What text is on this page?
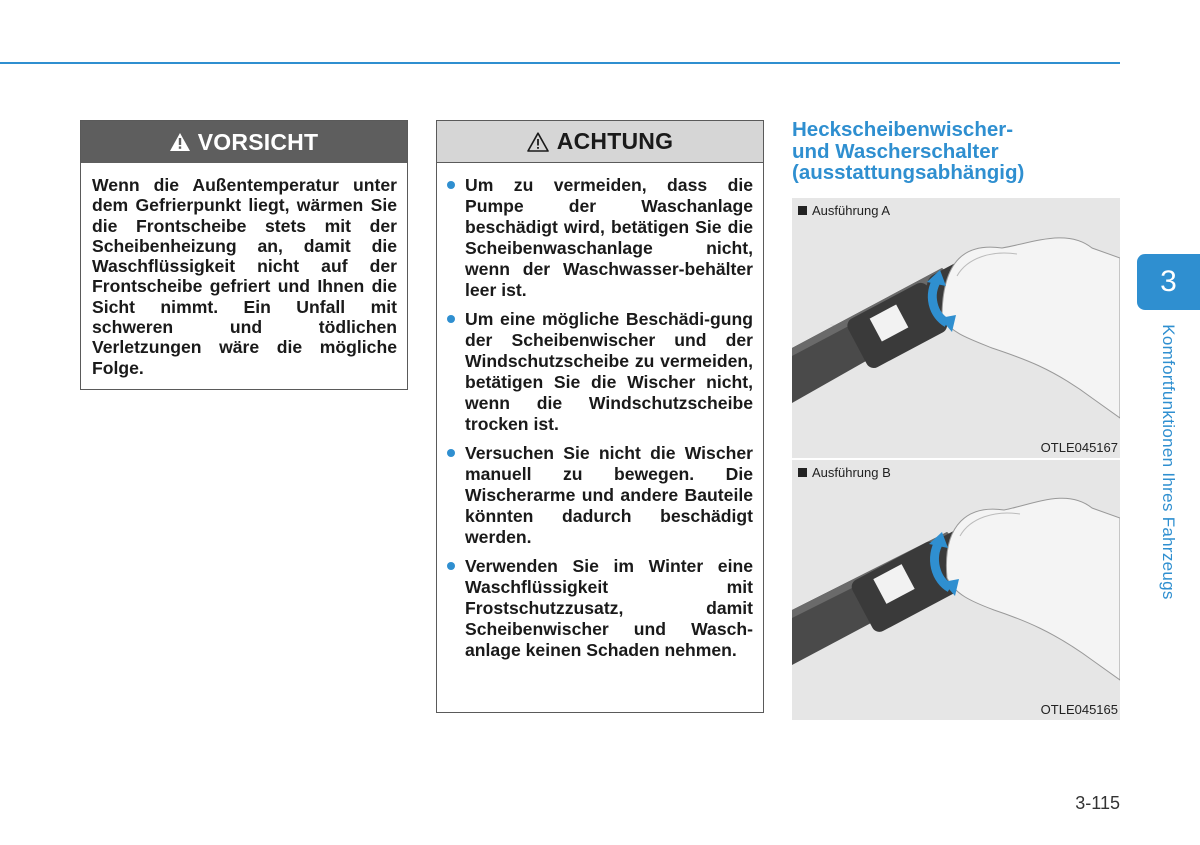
VORSICHT

Wenn die Außentemperatur unter dem Gefrierpunkt liegt, wärmen Sie die Frontscheibe stets mit der Scheibenheizung an, damit die Waschflüssigkeit nicht auf der Frontscheibe gefriert und Ihnen die Sicht nimmt. Ein Unfall mit schweren und tödlichen Verletzungen wäre die mögliche Folge.

ACHTUNG
Um zu vermeiden, dass die Pumpe der Waschanlage beschädigt wird, betätigen Sie die Scheibenwaschanlage nicht, wenn der Waschwasser-behälter leer ist.
Um eine mögliche Beschädi-gung der Scheibenwischer und der Windschutzscheibe zu vermeiden, betätigen Sie die Wischer nicht, wenn die Windschutzscheibe trocken ist.
Versuchen Sie nicht die Wischer manuell zu bewegen. Die Wischerarme und andere Bauteile könnten dadurch beschädigt werden.
Verwenden Sie im Winter eine Waschflüssigkeit mit Frostschutzzusatz, damit Scheibenwischer und Wasch-anlage keinen Schaden nehmen.
Heckscheibenwischer-
und Wascherschalter
(ausstattungsabhängig)
~
Ausführung A
OTLE045167
Ausführung B
OTLE045165
3
Komfortfunktionen Ihres Fahrzeugs
3-115
